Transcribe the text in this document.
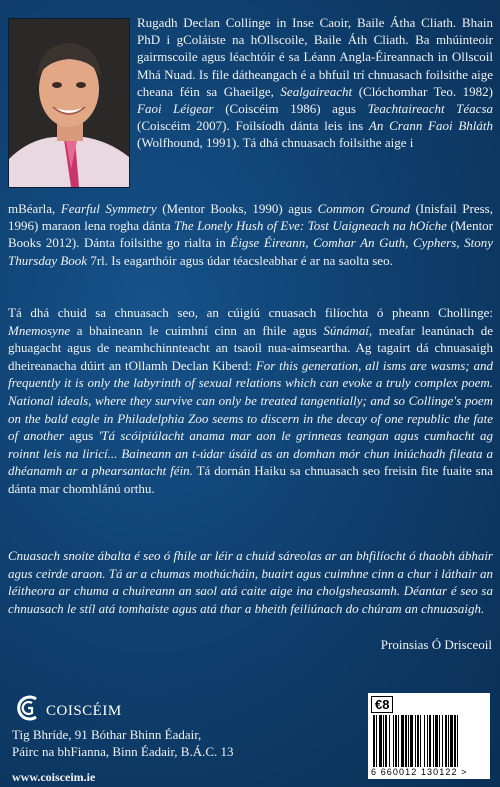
Rugadh Declan Collinge in Inse Caoir, Baile Átha Cliath. Bhain PhD i gColáiste na hOllscoile, Baile Áth Cliath. Ba mhúinteoir gairmscoile agus léachtóir é sa Léann Angla-Éireannach in Ollscoil Mhá Nuad. Is file dátheangach é a bhfuil trí chnuasach foilsithe aige cheana féin sa Ghaeilge, Sealgaireacht (Clóchomhar Teo. 1982) Faoi Léigear (Coiscéim 1986) agus Teachtaireacht Téacsa (Coiscéim 2007). Foilsíodh dánta leis ins An Crann Faoi Bhláth (Wolfhound, 1991). Tá dhá chnuasach foilsithe aige i
mBéarla, Fearful Symmetry (Mentor Books, 1990) agus Common Ground (Inisfail Press, 1996) maraon lena rogha dánta The Lonely Hush of Eve: Tost Uaigneach na hOíche (Mentor Books 2012). Dánta foilsithe go rialta in Éigse Éireann, Comhar An Guth, Cyphers, Stony Thursday Book 7rl. Is eagarthóir agus údar téacsleabhar é ar na saolta seo.
Tá dhá chuid sa chnuasach seo, an cúigiú cnuasach filíochta ó pheann Chollinge: Mnemosyne a bhaineann le cuimhní cinn an fhile agus Súnámaí, meafar leanúnach de ghuagacht agus de neamhchinnteacht an tsaoil nua-aimseartha. Ag tagairt dá chnuasaigh dheireanacha dúirt an tOllamh Declan Kiberd: For this generation, all isms are wasms; and frequently it is only the labyrinth of sexual relations which can evoke a truly complex poem. National ideals, where they survive can only be treated tangentially; and so Collinge's poem on the bald eagle in Philadelphia Zoo seems to discern in the decay of one republic the fate of another agus 'Tá scóipiúlacht anama mar aon le grinneas teangan agus cumhacht ag roinnt leis na liricí... Baineann an t-údar úsáid as an domhan mór chun iniúchadh fileata a dhéanamh ar a phearsantacht féin. Tá dornán Haiku sa chnuasach seo freisin fite fuaite sna dánta mar chomhlánú orthu.
Cnuasach snoite ábalta é seo ó fhile ar léir a chuid sáreolas ar an bhfilíocht ó thaobh ábhair agus ceirde araon. Tá ar a chumas mothúcháin, buairt agus cuimhne cinn a chur i láthair an léitheora ar chuma a chuireann an saol atá caite aige ina cholgsheasamh. Déantar é seo sa chnuasach le stíl atá tomhaiste agus atá thar a bheith feiliúnach do chúram an chnuasaigh.
Proinsias Ó Drisceoil
COISCÉIM
Tig Bhríde, 91 Bóthar Bhinn Éadair,
Páirc na bhFianna, Binn Éadair, B.Á.C. 13
www.coisceim.ie
€8
6 660012 130122 >
